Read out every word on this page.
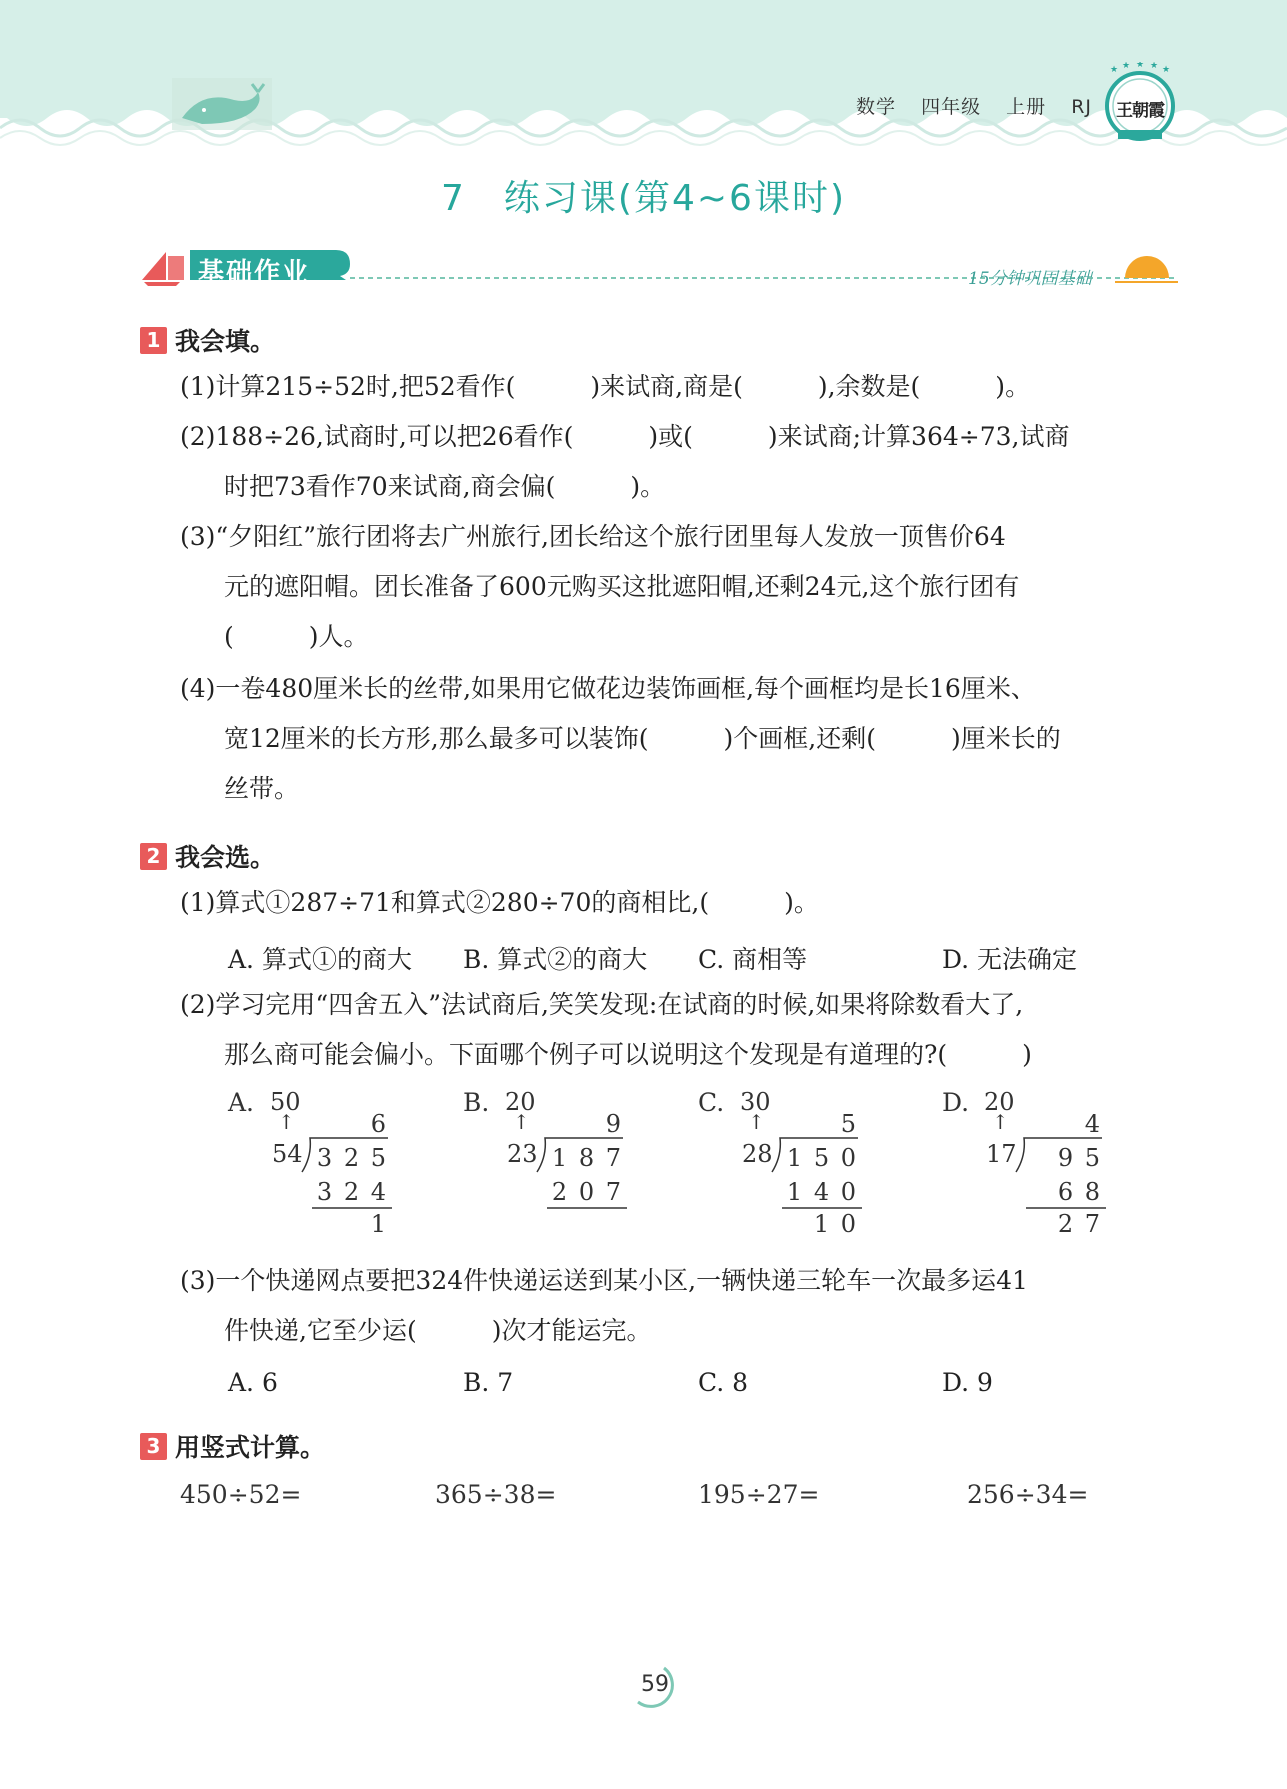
数学 四年级 上册 RJ
★ ★ ★ ★ ★
王朝霞
7　练习课(第4~6课时)
基础作业	15分钟巩固基础
1 我会填。
(1)计算215÷52时,把52看作(　　　)来试商,商是(　　　),余数是(　　　)。
(2)188÷26,试商时,可以把26看作(　　　)或(　　　)来试商;计算364÷73,试商
时把73看作70来试商,商会偏(　　　)。
(3)“夕阳红”旅行团将去广州旅行,团长给这个旅行团里每人发放一顶售价64
元的遮阳帽。团长准备了600元购买这批遮阳帽,还剩24元,这个旅行团有
(　　　)人。
(4)一卷480厘米长的丝带,如果用它做花边装饰画框,每个画框均是长16厘米、
宽12厘米的长方形,那么最多可以装饰(　　　)个画框,还剩(　　　)厘米长的
丝带。
2 我会选。
(1)算式①287÷71和算式②280÷70的商相比,(　　　)。
A. 算式①的商大 B. 算式②的商大 C. 商相等	D. 无法确定
(2)学习完用“四舍五入”法试商后,笑笑发现:在试商的时候,如果将除数看大了,
那么商可能会偏小。下面哪个例子可以说明这个发现是有道理的?(　　　)
A. 50
↑	6
54 3 2 5
3 2 4
1
B. 20
↑	9
23 1 8 7
2 0 7
C. 30
↑	5
28 1 5 0
1 4 0
1 0
D. 20
↑	4
17 9 5
6 8
2 7
(3)一个快递网点要把324件快递运送到某小区,一辆快递三轮车一次最多运41
件快递,它至少运(　　　)次才能运完。
A. 6	B. 7	C. 8	D. 9
3 用竖式计算。
450÷52=	365÷38=	195÷27=	256÷34=
59
